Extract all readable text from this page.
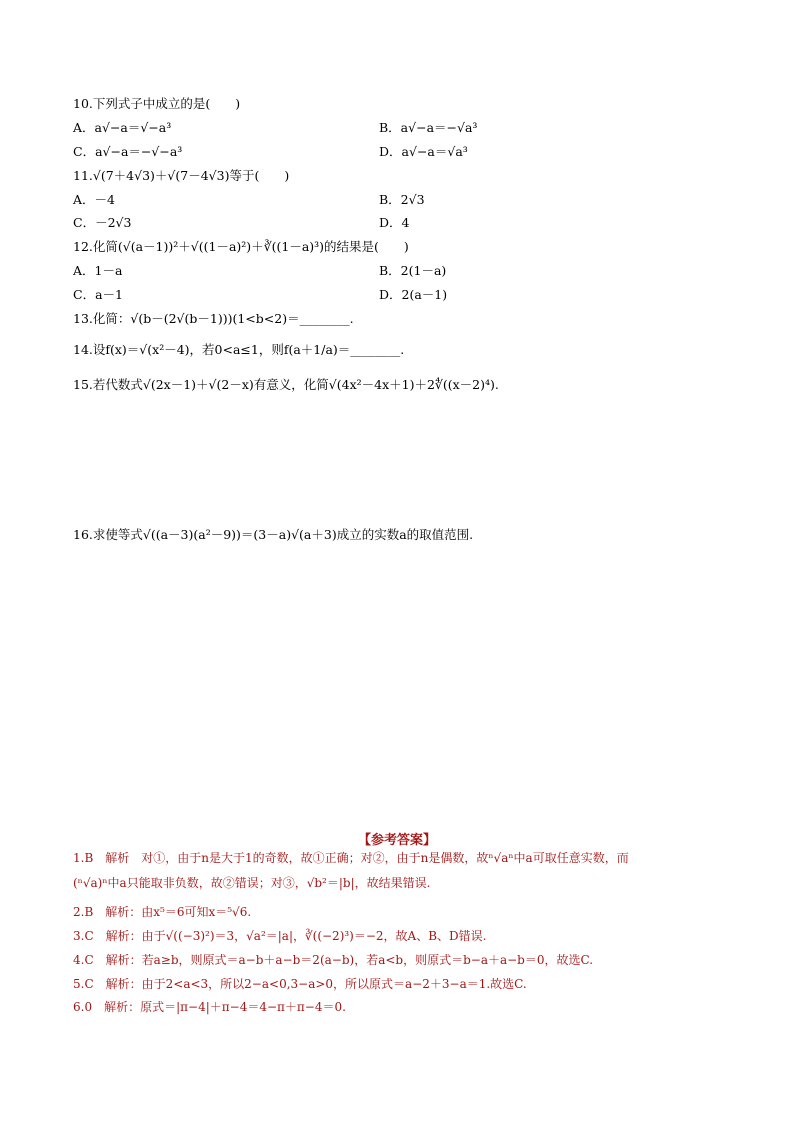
10.下列式子中成立的是(　　)
A．a√−a＝√−a³	B．a√−a＝−√a³
C．a√−a＝−√−a³	D．a√−a＝√a³
11.√(7＋4√3)＋√(7－4√3)等于(　　)
A．－4	B．2√3
C．－2√3	D．4
12.化简(√(a－1))²＋√((1－a)²)＋∛((1－a)³)的结果是(　　)
A．1－a	B．2(1－a)
C．a－1	D．2(a－1)
13.化简：√(b－(2√(b－1)))(1<b<2)＝________.
14.设f(x)＝√(x²－4)，若0<a≤1，则f(a＋1/a)＝________.
15.若代数式√(2x－1)＋√(2－x)有意义，化简√(4x²－4x＋1)＋2∜((x－2)⁴).
16.求使等式√((a－3)(a²－9))＝(3－a)√(a＋3)成立的实数a的取值范围.
【参考答案】
1.B　解析　对①，由于n是大于1的奇数，故①正确；对②，由于n是偶数，故ⁿ√aⁿ中a可取任意实数，而
(ⁿ√a)ⁿ中a只能取非负数，故②错误；对③，√b²＝|b|，故结果错误.
2.B　解析：由x⁵＝6可知x＝⁵√6.
3.C　解析：由于√((−3)²)＝3，√a²＝|a|，∛((−2)³)＝−2，故A、B、D错误.
4.C　解析：若a≥b，则原式＝a−b＋a−b＝2(a−b)，若a<b，则原式＝b−a＋a−b＝0，故选C.
5.C　解析：由于2<a<3，所以2−a<0,3−a>0，所以原式＝a−2＋3−a＝1.故选C.
6.0　解析：原式＝|π−4|＋π−4＝4−π＋π−4＝0.
